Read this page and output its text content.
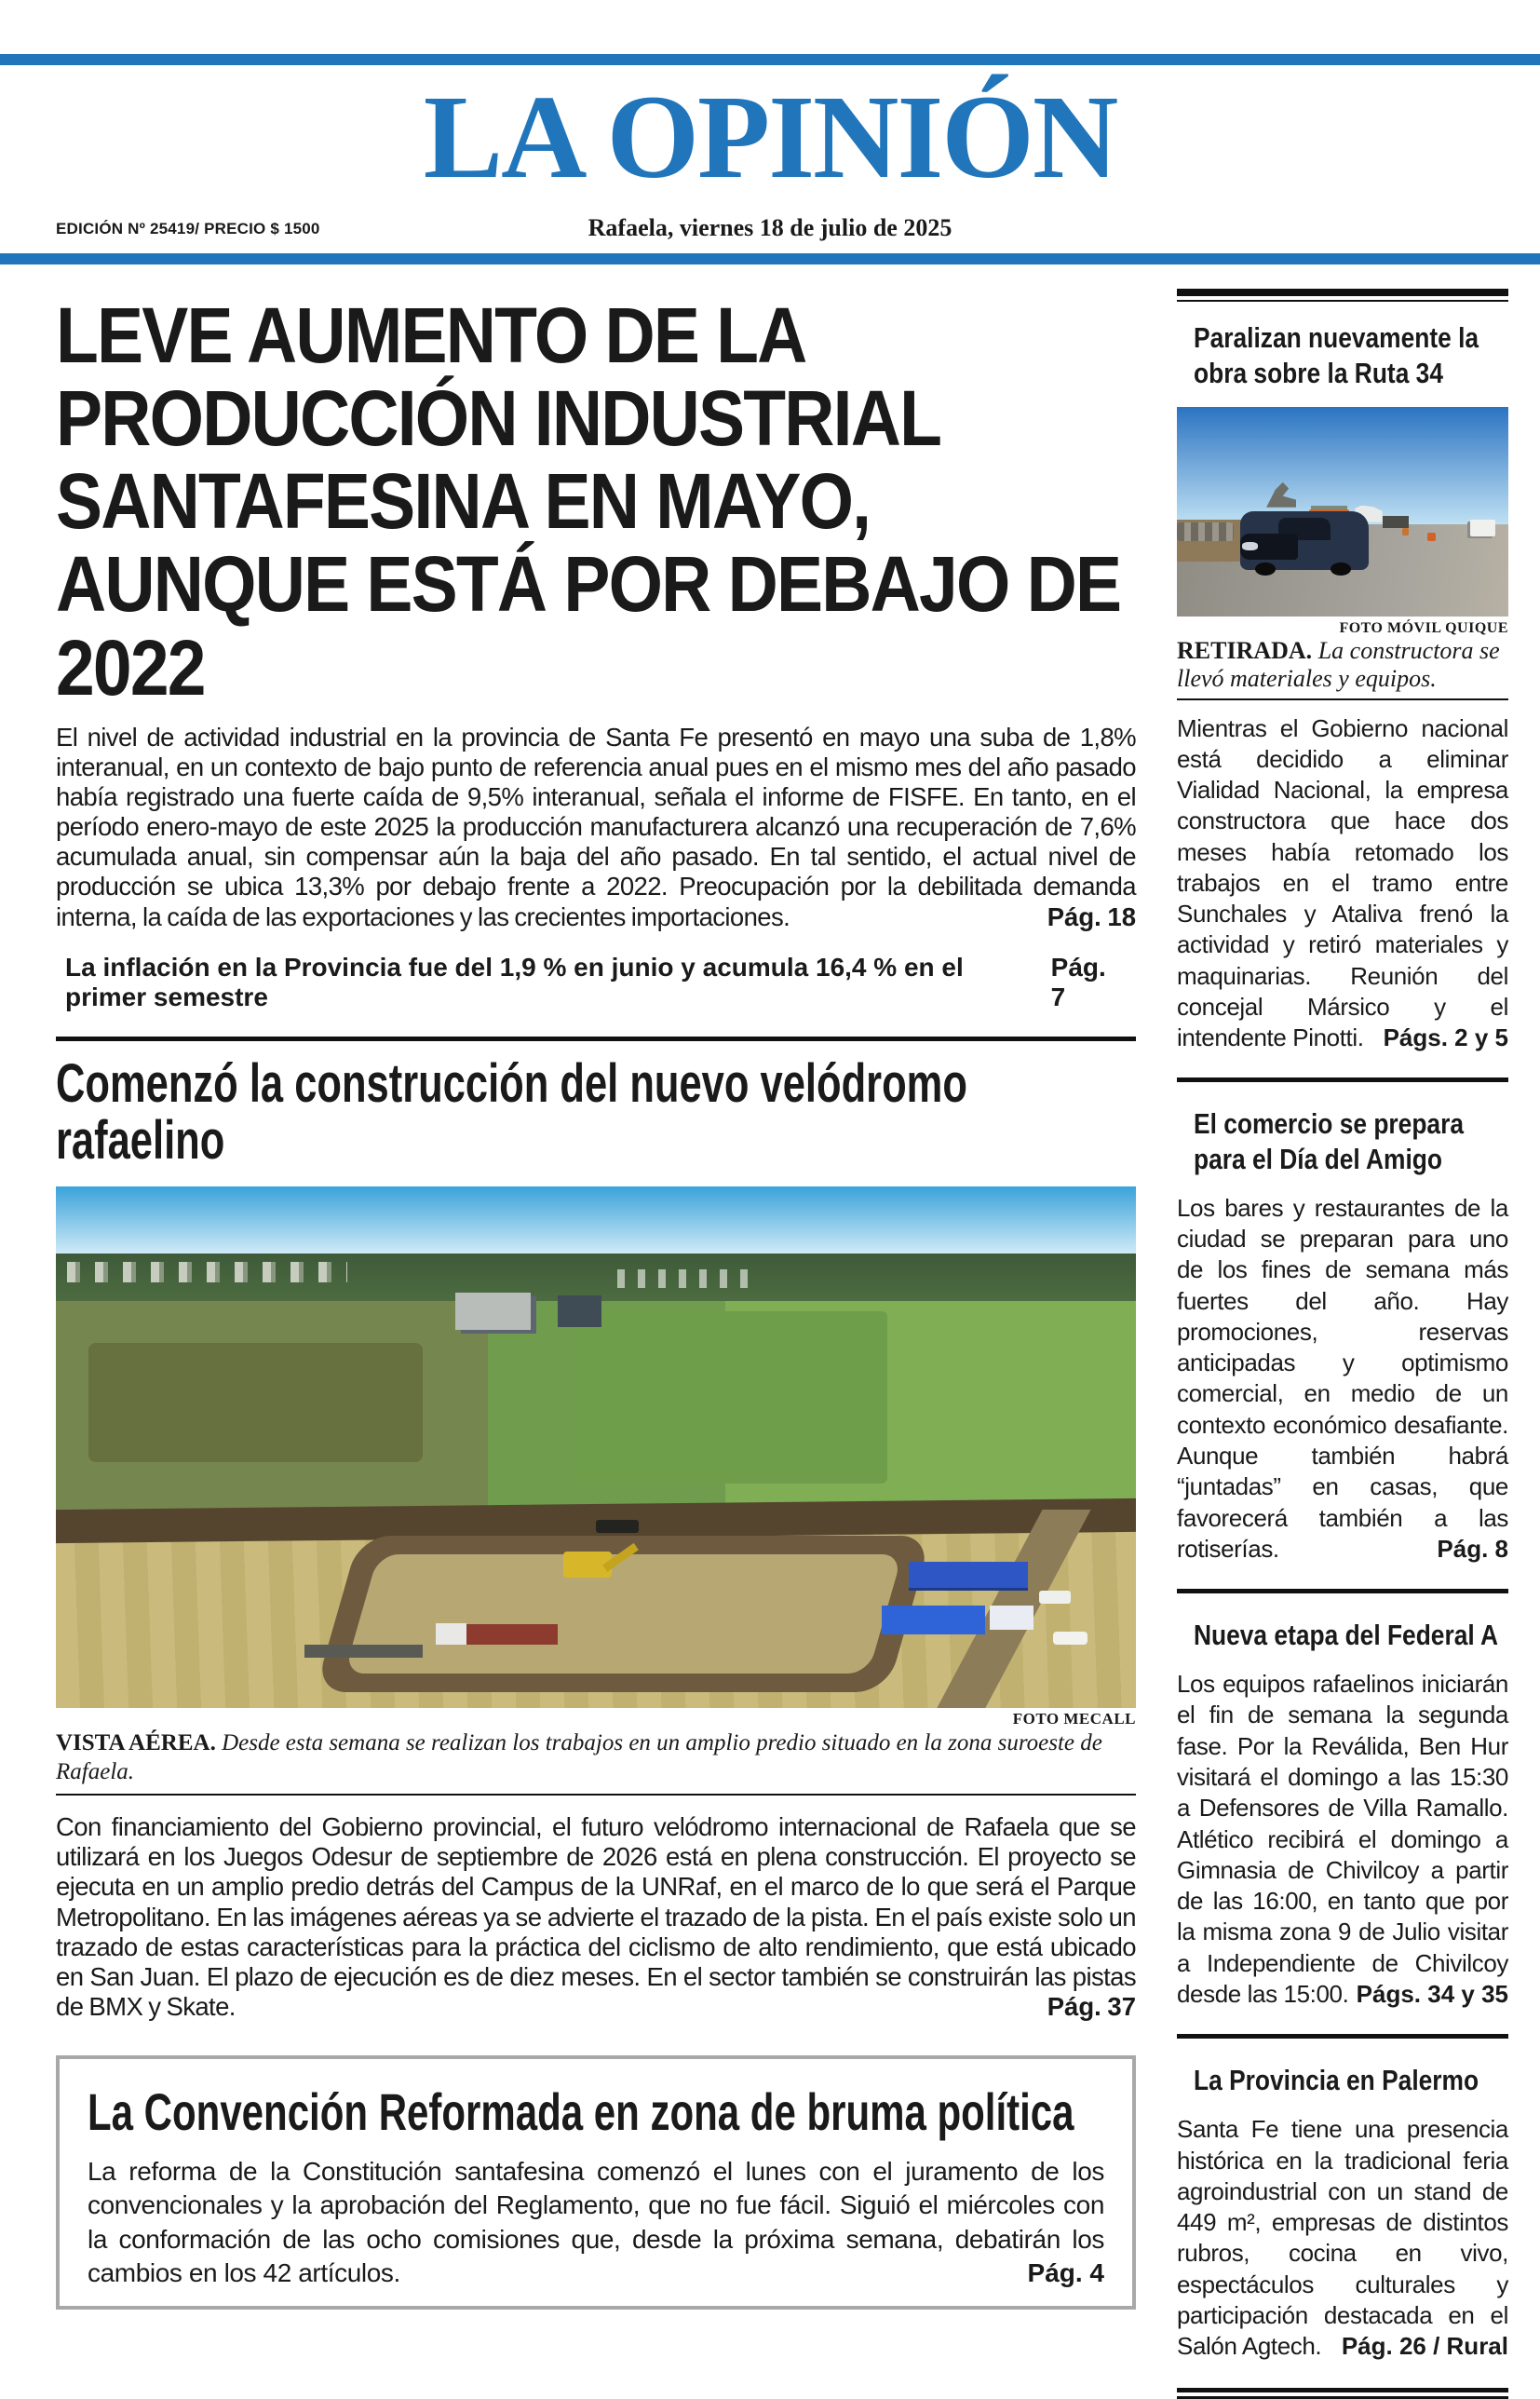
LA OPINIÓN
EDICIÓN Nº 25419/ PRECIO $ 1500	Rafaela, viernes 18 de julio de 2025
LEVE AUMENTO DE LA PRODUCCIÓN INDUSTRIAL SANTAFESINA EN MAYO, AUNQUE ESTÁ POR DEBAJO DE 2022

El nivel de actividad industrial en la provincia de Santa Fe presentó en mayo una suba de 1,8% interanual, en un contexto de bajo punto de referencia anual pues en el mismo mes del año pasado había registrado una fuerte caída de 9,5% interanual, señala el informe de FISFE. En tanto, en el período enero-mayo de este 2025 la producción manufacturera alcanzó una recuperación de 7,6% acumulada anual, sin compensar aún la baja del año pasado. En tal sentido, el actual nivel de producción se ubica 13,3% por debajo frente a 2022. Preocupación por la debilitada demanda interna, la caída de las exportaciones y las crecientes importaciones.	Pág. 18

La inflación en la Provincia fue del 1,9 % en junio y acumula 16,4 % en el primer semestre
Pág. 7
Comenzó la construcción del nuevo velódromo rafaelino

FOTO MECALL

VISTA AÉREA. Desde esta semana se realizan los trabajos en un amplio predio situado en la zona suroeste de Rafaela.

Con financiamiento del Gobierno provincial, el futuro velódromo internacional de Rafaela que se utilizará en los Juegos Odesur de septiembre de 2026 está en plena construcción. El proyecto se ejecuta en un amplio predio detrás del Campus de la UNRaf, en el marco de lo que será el Parque Metropolitano. En las imágenes aéreas ya se advierte el trazado de la pista. En el país existe solo un trazado de estas características para la práctica del ciclismo de alto rendimiento, que está ubicado en San Juan. El plazo de ejecución es de diez meses. En el sector también se construirán las pistas de BMX y Skate.	Pág. 37

La Convención Reformada en zona de bruma política

La reforma de la Constitución santafesina comenzó el lunes con el juramento de los convencionales y la aprobación del Reglamento, que no fue fácil. Siguió el miércoles con la conformación de las ocho comisiones que, desde la próxima semana, debatirán los cambios en los 42 artículos.	Pág. 4

Paralizan nuevamente la obra sobre la Ruta 34

FOTO MÓVIL QUIQUE

RETIRADA. La constructora se llevó materiales y equipos.

Mientras el Gobierno nacional está decidido a eliminar Vialidad Nacional, la empresa constructora que hace dos meses había retomado los trabajos en el tramo entre Sunchales y Ataliva frenó la actividad y retiró materiales y maquinarias. Reunión del concejal Mársico y el intendente Pinotti. Págs. 2 y 5

El comercio se prepara para el Día del Amigo

Los bares y restaurantes de la ciudad se preparan para uno de los fines de semana más fuertes del año. Hay promociones, reservas anticipadas y optimismo comercial, en medio de un contexto económico desafiante. Aunque también habrá “juntadas” en casas, que favorecerá también a las rotiserías.	Pág. 8

Nueva etapa del Federal A

Los equipos rafaelinos iniciarán el fin de semana la segunda fase. Por la Reválida, Ben Hur visitará el domingo a las 15:30 a Defensores de Villa Ramallo. Atlético recibirá el domingo a Gimnasia de Chivilcoy a partir de las 16:00, en tanto que por la misma zona 9 de Julio visitar a Independiente de Chivilcoy desde las 15:00. Págs. 34 y 35

La Provincia en Palermo

Santa Fe tiene una presencia histórica en la tradicional feria agroindustrial con un stand de 449 m², empresas de distintos rubros, cocina en vivo, espectáculos culturales y participación destacada en el Salón Agtech. Pág. 26 / Rural
